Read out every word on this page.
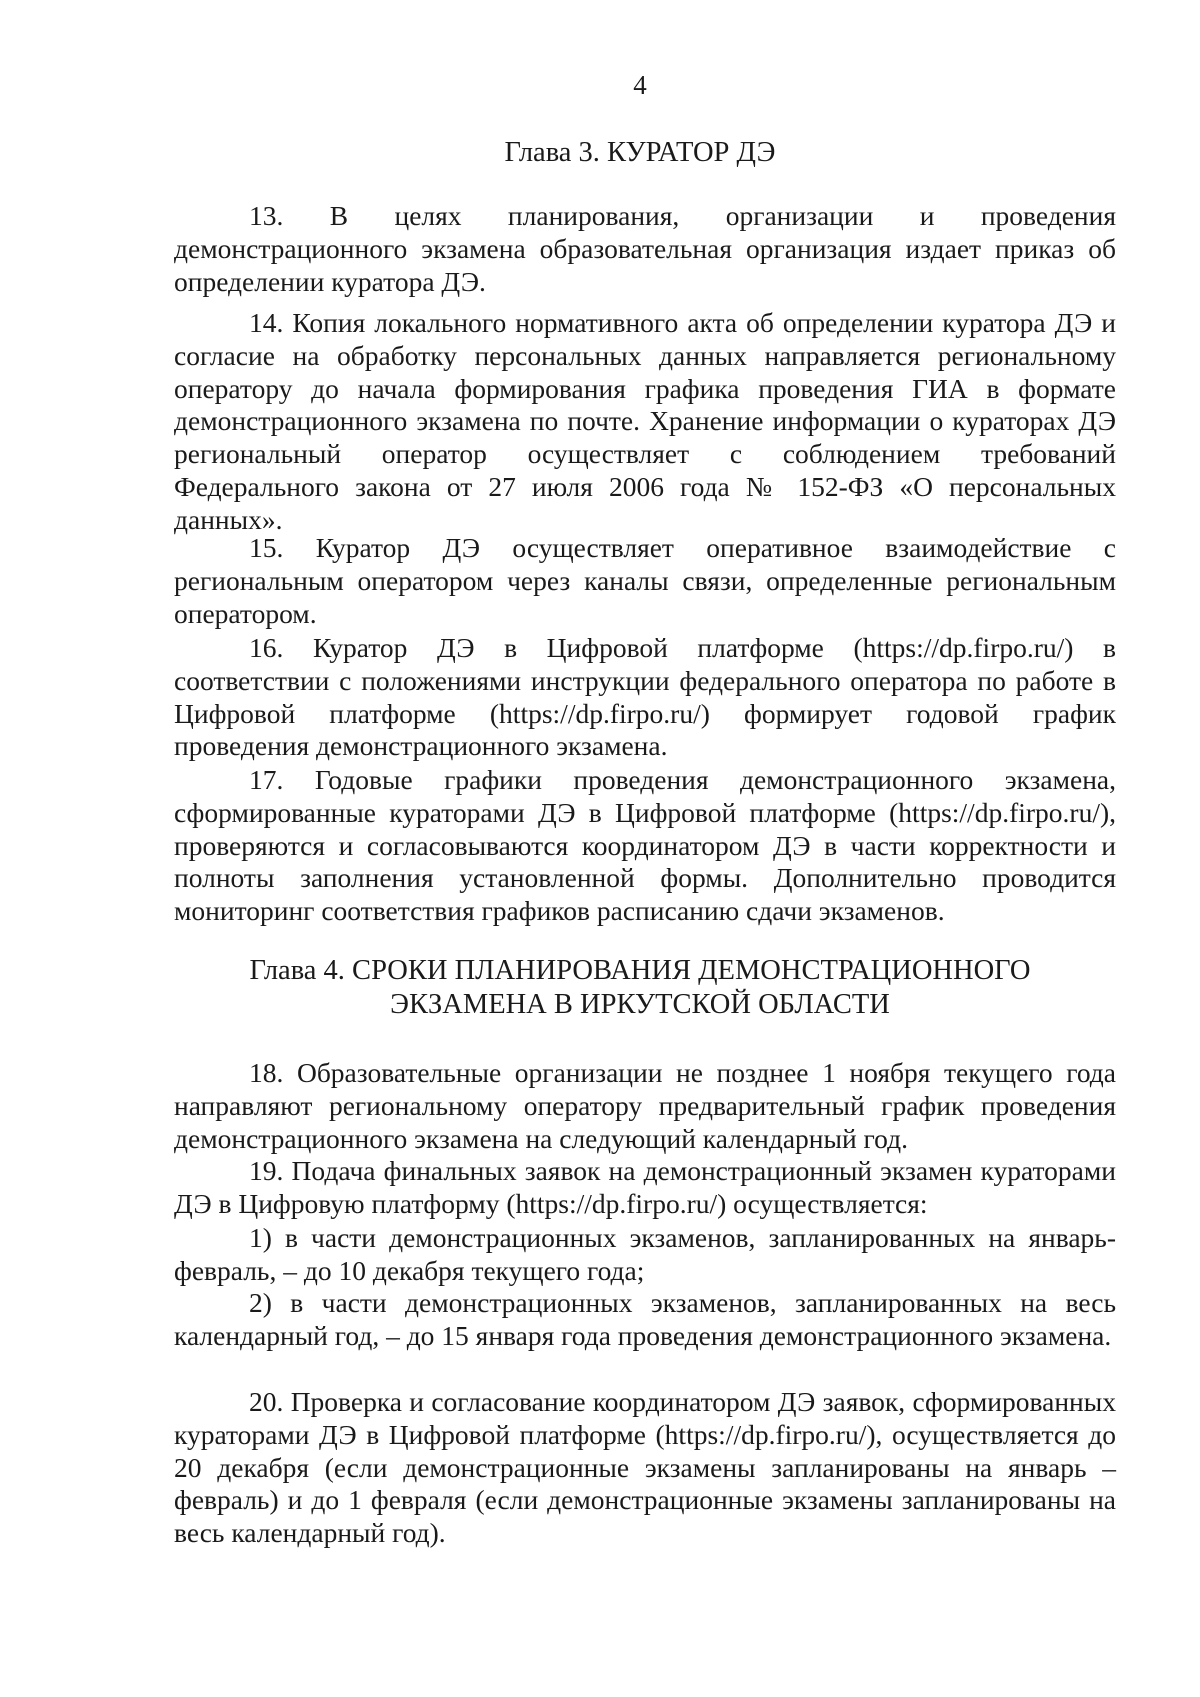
4
Глава 3. КУРАТОР ДЭ

13. В целях планирования, организации и проведения демонстрационного экзамена образовательная организация издает приказ об определении куратора ДЭ.

14. Копия локального нормативного акта об определении куратора ДЭ и согласие на обработку персональных данных направляется региональному оператору до начала формирования графика проведения ГИА в формате демонстрационного экзамена по почте. Хранение информации о кураторах ДЭ региональный оператор осуществляет с соблюдением требований Федерального закона от 27 июля 2006 года № 152-ФЗ «О персональных данных».

15. Куратор ДЭ осуществляет оперативное взаимодействие с региональным оператором через каналы связи, определенные региональным оператором.

16. Куратор ДЭ в Цифровой платформе (https://dp.firpo.ru/) в соответствии с положениями инструкции федерального оператора по работе в Цифровой платформе (https://dp.firpo.ru/) формирует годовой график проведения демонстрационного экзамена.

17. Годовые графики проведения демонстрационного экзамена, сформированные кураторами ДЭ в Цифровой платформе (https://dp.firpo.ru/), проверяются и согласовываются координатором ДЭ в части корректности и полноты заполнения установленной формы. Дополнительно проводится мониторинг соответствия графиков расписанию сдачи экзаменов.

Глава 4. СРОКИ ПЛАНИРОВАНИЯ ДЕМОНСТРАЦИОННОГО
ЭКЗАМЕНА В ИРКУТСКОЙ ОБЛАСТИ

18. Образовательные организации не позднее 1 ноября текущего года направляют региональному оператору предварительный график проведения демонстрационного экзамена на следующий календарный год.

19. Подача финальных заявок на демонстрационный экзамен кураторами ДЭ в Цифровую платформу (https://dp.firpo.ru/) осуществляется:

1) в части демонстрационных экзаменов, запланированных на январь-февраль, – до 10 декабря текущего года;

2) в части демонстрационных экзаменов, запланированных на весь календарный год, – до 15 января года проведения демонстрационного экзамена.

20. Проверка и согласование координатором ДЭ заявок, сформированных кураторами ДЭ в Цифровой платформе (https://dp.firpo.ru/), осуществляется до 20 декабря (если демонстрационные экзамены запланированы на январь – февраль) и до 1 февраля (если демонстрационные экзамены запланированы на весь календарный год).
